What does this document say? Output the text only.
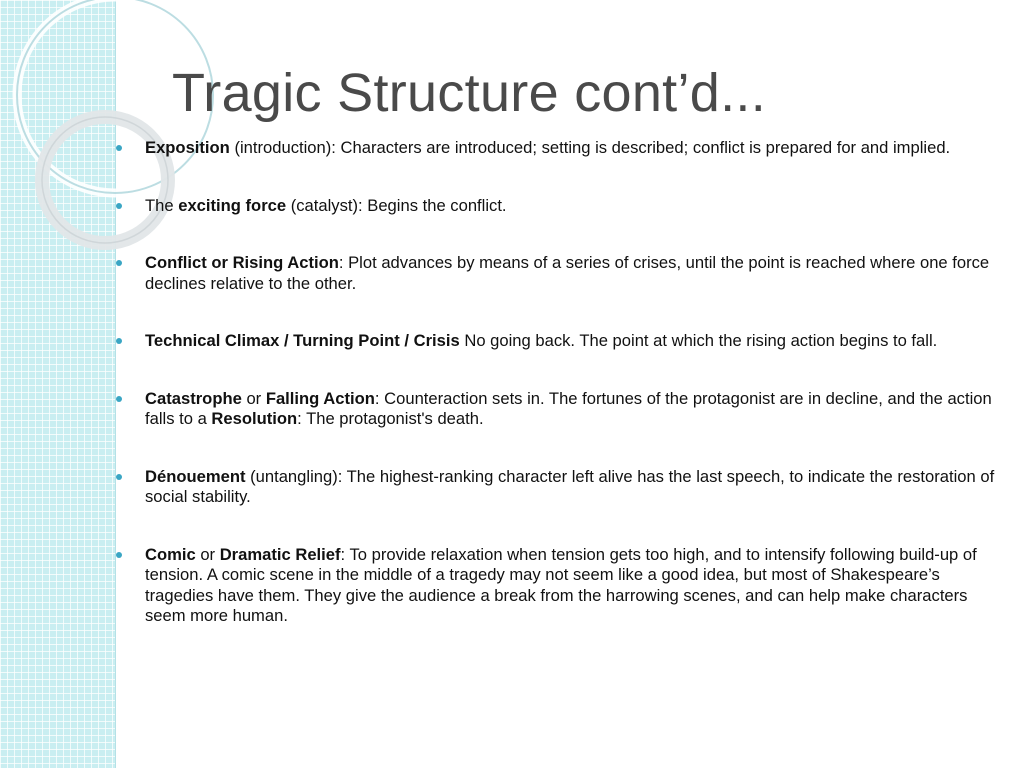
Tragic Structure cont’d...
Exposition (introduction): Characters are introduced; setting is described; conflict is prepared for and implied.
The exciting force (catalyst): Begins the conflict.
Conflict or Rising Action: Plot advances by means of a series of crises, until the point is reached where one force declines relative to the other.
Technical Climax / Turning Point / Crisis No going back. The point at which the rising action begins to fall.
Catastrophe or Falling Action: Counteraction sets in. The fortunes of the protagonist are in decline, and the action falls to a Resolution: The protagonist's death.
Dénouement (untangling): The highest-ranking character left alive has the last speech, to indicate the restoration of social stability.
Comic or Dramatic Relief: To provide relaxation when tension gets too high, and to intensify following build-up of tension. A comic scene in the middle of a tragedy may not seem like a good idea, but most of Shakespeare’s tragedies have them. They give the audience a break from the harrowing scenes, and can help make characters seem more human.
